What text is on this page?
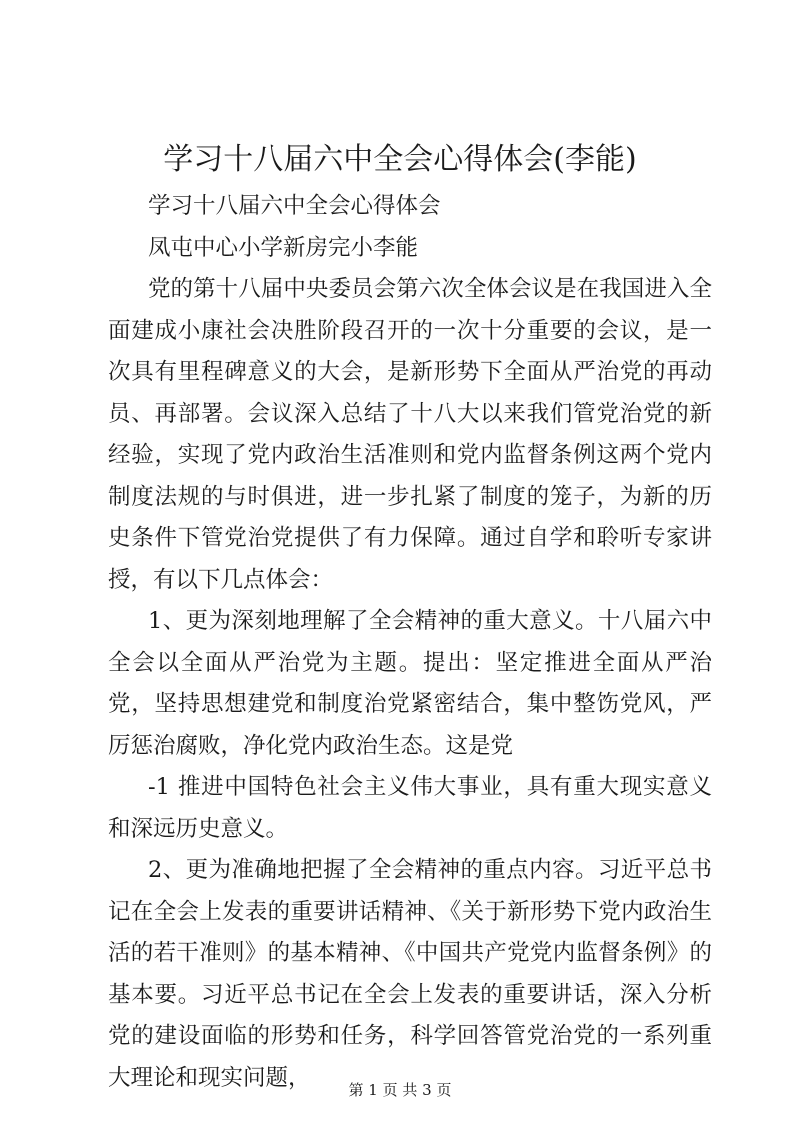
学习十八届六中全会心得体会(李能)

学习十八届六中全会心得体会

凤屯中心小学新房完小李能

党的第十八届中央委员会第六次全体会议是在我国进入全面建成小康社会决胜阶段召开的一次十分重要的会议，是一次具有里程碑意义的大会，是新形势下全面从严治党的再动员、再部署。会议深入总结了十八大以来我们管党治党的新经验，实现了党内政治生活准则和党内监督条例这两个党内制度法规的与时俱进，进一步扎紧了制度的笼子，为新的历史条件下管党治党提供了有力保障。通过自学和聆听专家讲授，有以下几点体会：

1、更为深刻地理解了全会精神的重大意义。十八届六中全会以全面从严治党为主题。提出：坚定推进全面从严治党，坚持思想建党和制度治党紧密结合，集中整饬党风，严厉惩治腐败，净化党内政治生态。这是党

-1 推进中国特色社会主义伟大事业，具有重大现实意义和深远历史意义。

2、更为准确地把握了全会精神的重点内容。习近平总书记在全会上发表的重要讲话精神、《关于新形势下党内政治生活的若干准则》的基本精神、《中国共产党党内监督条例》的基本要。习近平总书记在全会上发表的重要讲话，深入分析党的建设面临的形势和任务，科学回答管党治党的一系列重大理论和现实问题，	第 1 页 共 3 页
